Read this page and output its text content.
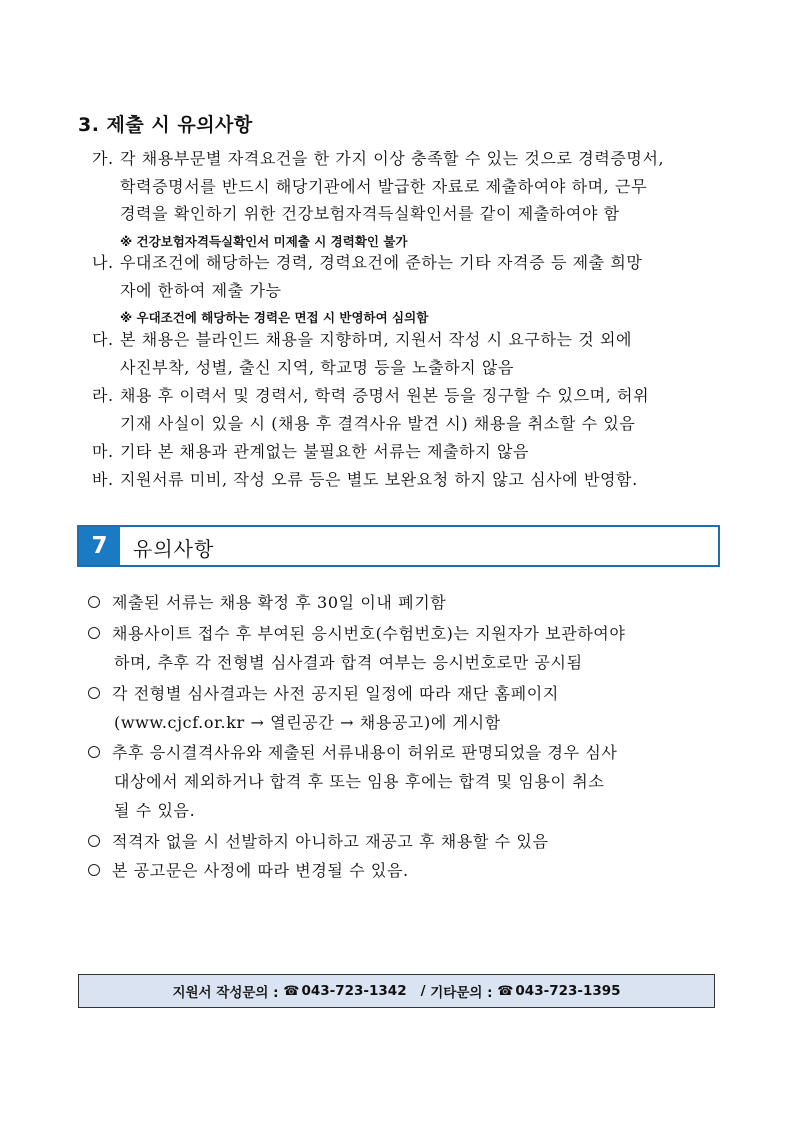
3. 제출 시 유의사항
가. 각 채용부문별 자격요건을 한 가지 이상 충족할 수 있는 것으로 경력증명서,
학력증명서를 반드시 해당기관에서 발급한 자료로 제출하여야 하며, 근무
경력을 확인하기 위한 건강보험자격득실확인서를 같이 제출하여야 함
※ 건강보험자격득실확인서 미제출 시 경력확인 불가
나. 우대조건에 해당하는 경력, 경력요건에 준하는 기타 자격증 등 제출 희망
자에 한하여 제출 가능
※ 우대조건에 해당하는 경력은 면접 시 반영하여 심의함
다. 본 채용은 블라인드 채용을 지향하며, 지원서 작성 시 요구하는 것 외에
사진부착, 성별, 출신 지역, 학교명 등을 노출하지 않음
라. 채용 후 이력서 및 경력서, 학력 증명서 원본 등을 징구할 수 있으며, 허위
기재 사실이 있을 시 (채용 후 결격사유 발견 시) 채용을 취소할 수 있음
마. 기타 본 채용과 관계없는 불필요한 서류는 제출하지 않음
바. 지원서류 미비, 작성 오류 등은 별도 보완요청 하지 않고 심사에 반영함.
7	유의사항
제출된 서류는 채용 확정 후 30일 이내 폐기함
채용사이트 접수 후 부여된 응시번호(수험번호)는 지원자가 보관하여야
하며, 추후 각 전형별 심사결과 합격 여부는 응시번호로만 공시됨
각 전형별 심사결과는 사전 공지된 일정에 따라 재단 홈페이지
(www.cjcf.or.kr → 열린공간 → 채용공고)에 게시함
추후 응시결격사유와 제출된 서류내용이 허위로 판명되었을 경우 심사
대상에서 제외하거나 합격 후 또는 임용 후에는 합격 및 임용이 취소
될 수 있음.
적격자 없을 시 선발하지 아니하고 재공고 후 채용할 수 있음
본 공고문은 사정에 따라 변경될 수 있음.
지원서 작성문의 :
☎ 043-723-1342 /
기타문의 :
☎ 043-723-1395
